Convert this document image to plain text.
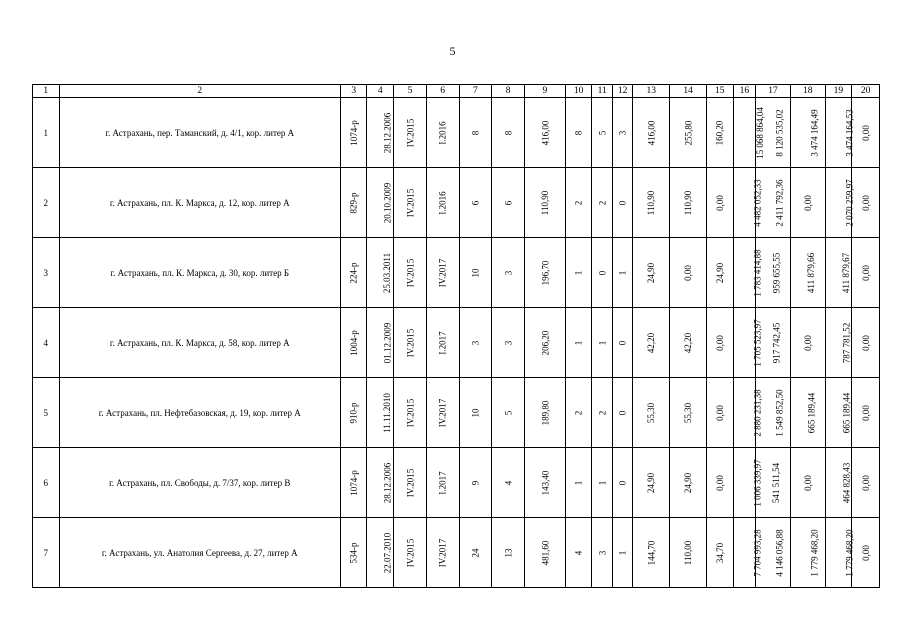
5
1	2	3	4	5	6	7	8	9	10	11	12	13	14	15	16	17	18	19	20
1	г. Астрахань, пер. Таманский, д. 4/1, кор. литер А	1074-р	28.12.2006	IV.2015	I.2016	8	8	416,00	8	5	3	416,00	255,80	160,20	15 068 864,04	8 120 535,02	3 474 164,49	3 474 164,53	0,00
2	г. Астрахань, пл. К. Маркса, д. 12, кор. литер А	829-р	20.10.2009	IV.2015	I.2016	6	6	110,90	2	2	0	110,90	110,90	0,00	4 482 052,33	2 411 792,36	0,00	2 070 259,97	0,00
3	г. Астрахань, пл. К. Маркса, д. 30, кор. литер Б	224-р	25.03.2011	IV.2015	IV.2017	10	3	196,70	1	0	1	24,90	0,00	24,90	1 783 414,88	959 655,55	411 879,66	411 879,67	0,00
4	г. Астрахань, пл. К. Маркса, д. 58, кор. литер А	1004-р	01.12.2009	IV.2015	I.2017	3	3	206,20	1	1	0	42,20	42,20	0,00	1 705 523,97	917 742,45	0,00	787 781,52	0,00
5	г. Астрахань, пл. Нефтебазовская, д. 19, кор. литер А	910-р	11.11.2010	IV.2015	IV.2017	10	5	189,80	2	2	0	55,30	55,30	0,00	2 880 231,38	1 549 852,50	665 189,44	665 189,44	0,00
6	г. Астрахань, пл. Свободы, д. 7/37, кор. литер В	1074-р	28.12.2006	IV.2015	I.2017	9	4	143,40	1	1	0	24,90	24,90	0,00	1 006 339,97	541 511,54	0,00	464 828,43	0,00
7	г. Астрахань, ул. Анатолия Сергеева, д. 27, литер А	534-р	22.07.2010	IV.2015	IV.2017	24	13	481,60	4	3	1	144,70	110,00	34,70	7 704 993,28	4 146 056,88	1 779 468,20	1 779 468,20	0,00
